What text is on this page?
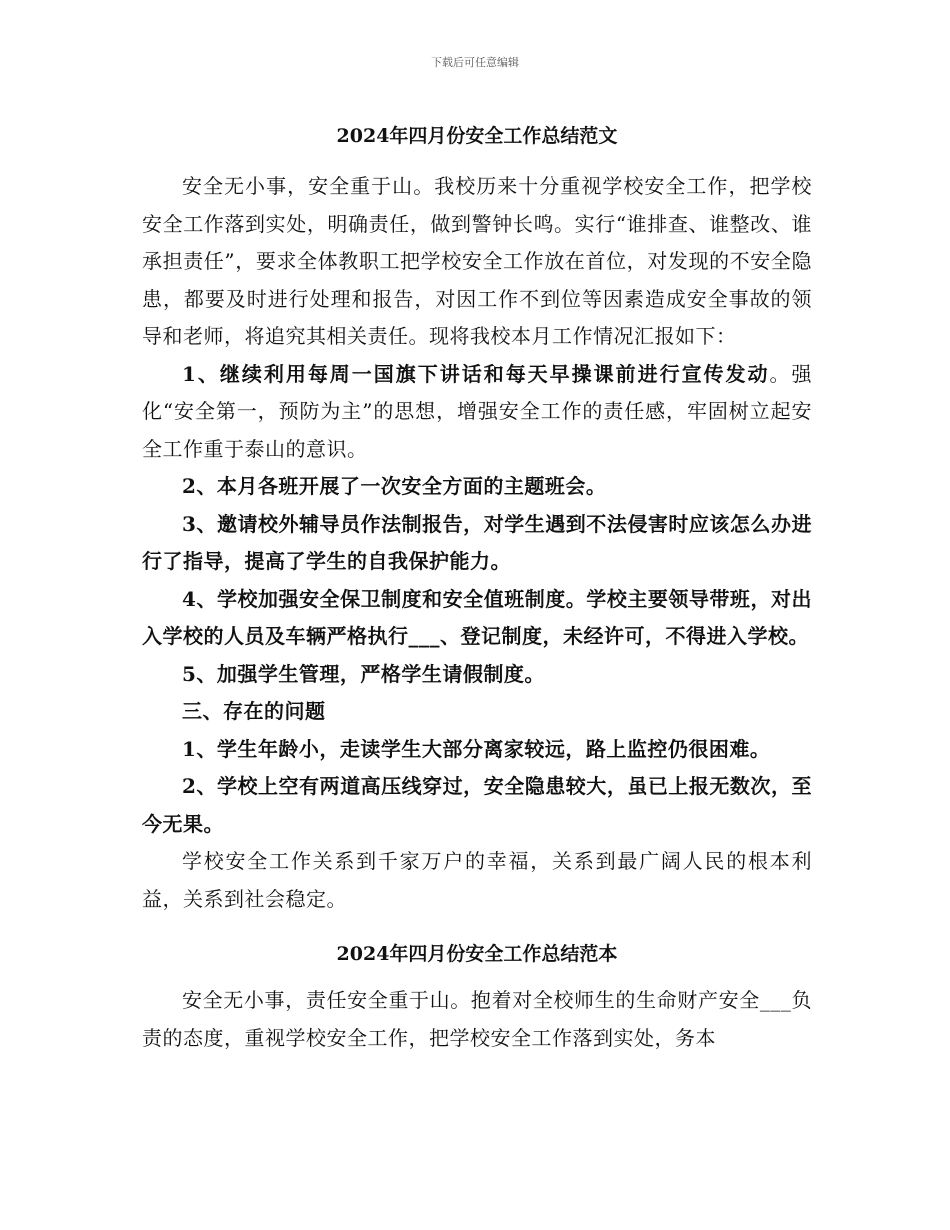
下载后可任意编辑
2024年四月份安全工作总结范文

安全无小事，安全重于山。我校历来十分重视学校安全工作，把学校安全工作落到实处，明确责任，做到警钟长鸣。实行“谁排查、谁整改、谁承担责任”，要求全体教职工把学校安全工作放在首位，对发现的不安全隐患，都要及时进行处理和报告，对因工作不到位等因素造成安全事故的领导和老师，将追究其相关责任。现将我校本月工作情况汇报如下：

1、继续利用每周一国旗下讲话和每天早操课前进行宣传发动。强化“安全第一，预防为主”的思想，增强安全工作的责任感，牢固树立起安全工作重于泰山的意识。

2、本月各班开展了一次安全方面的主题班会。

3、邀请校外辅导员作法制报告，对学生遇到不法侵害时应该怎么办进行了指导，提高了学生的自我保护能力。

4、学校加强安全保卫制度和安全值班制度。学校主要领导带班，对出入学校的人员及车辆严格执行___、登记制度，未经许可，不得进入学校。

5、加强学生管理，严格学生请假制度。

三、存在的问题

1、学生年龄小，走读学生大部分离家较远，路上监控仍很困难。

2、学校上空有两道高压线穿过，安全隐患较大，虽已上报无数次，至今无果。

学校安全工作关系到千家万户的幸福，关系到最广阔人民的根本利益，关系到社会稳定。

2024年四月份安全工作总结范本

安全无小事，责任安全重于山。抱着对全校师生的生命财产安全___负责的态度，重视学校安全工作，把学校安全工作落到实处，务本
